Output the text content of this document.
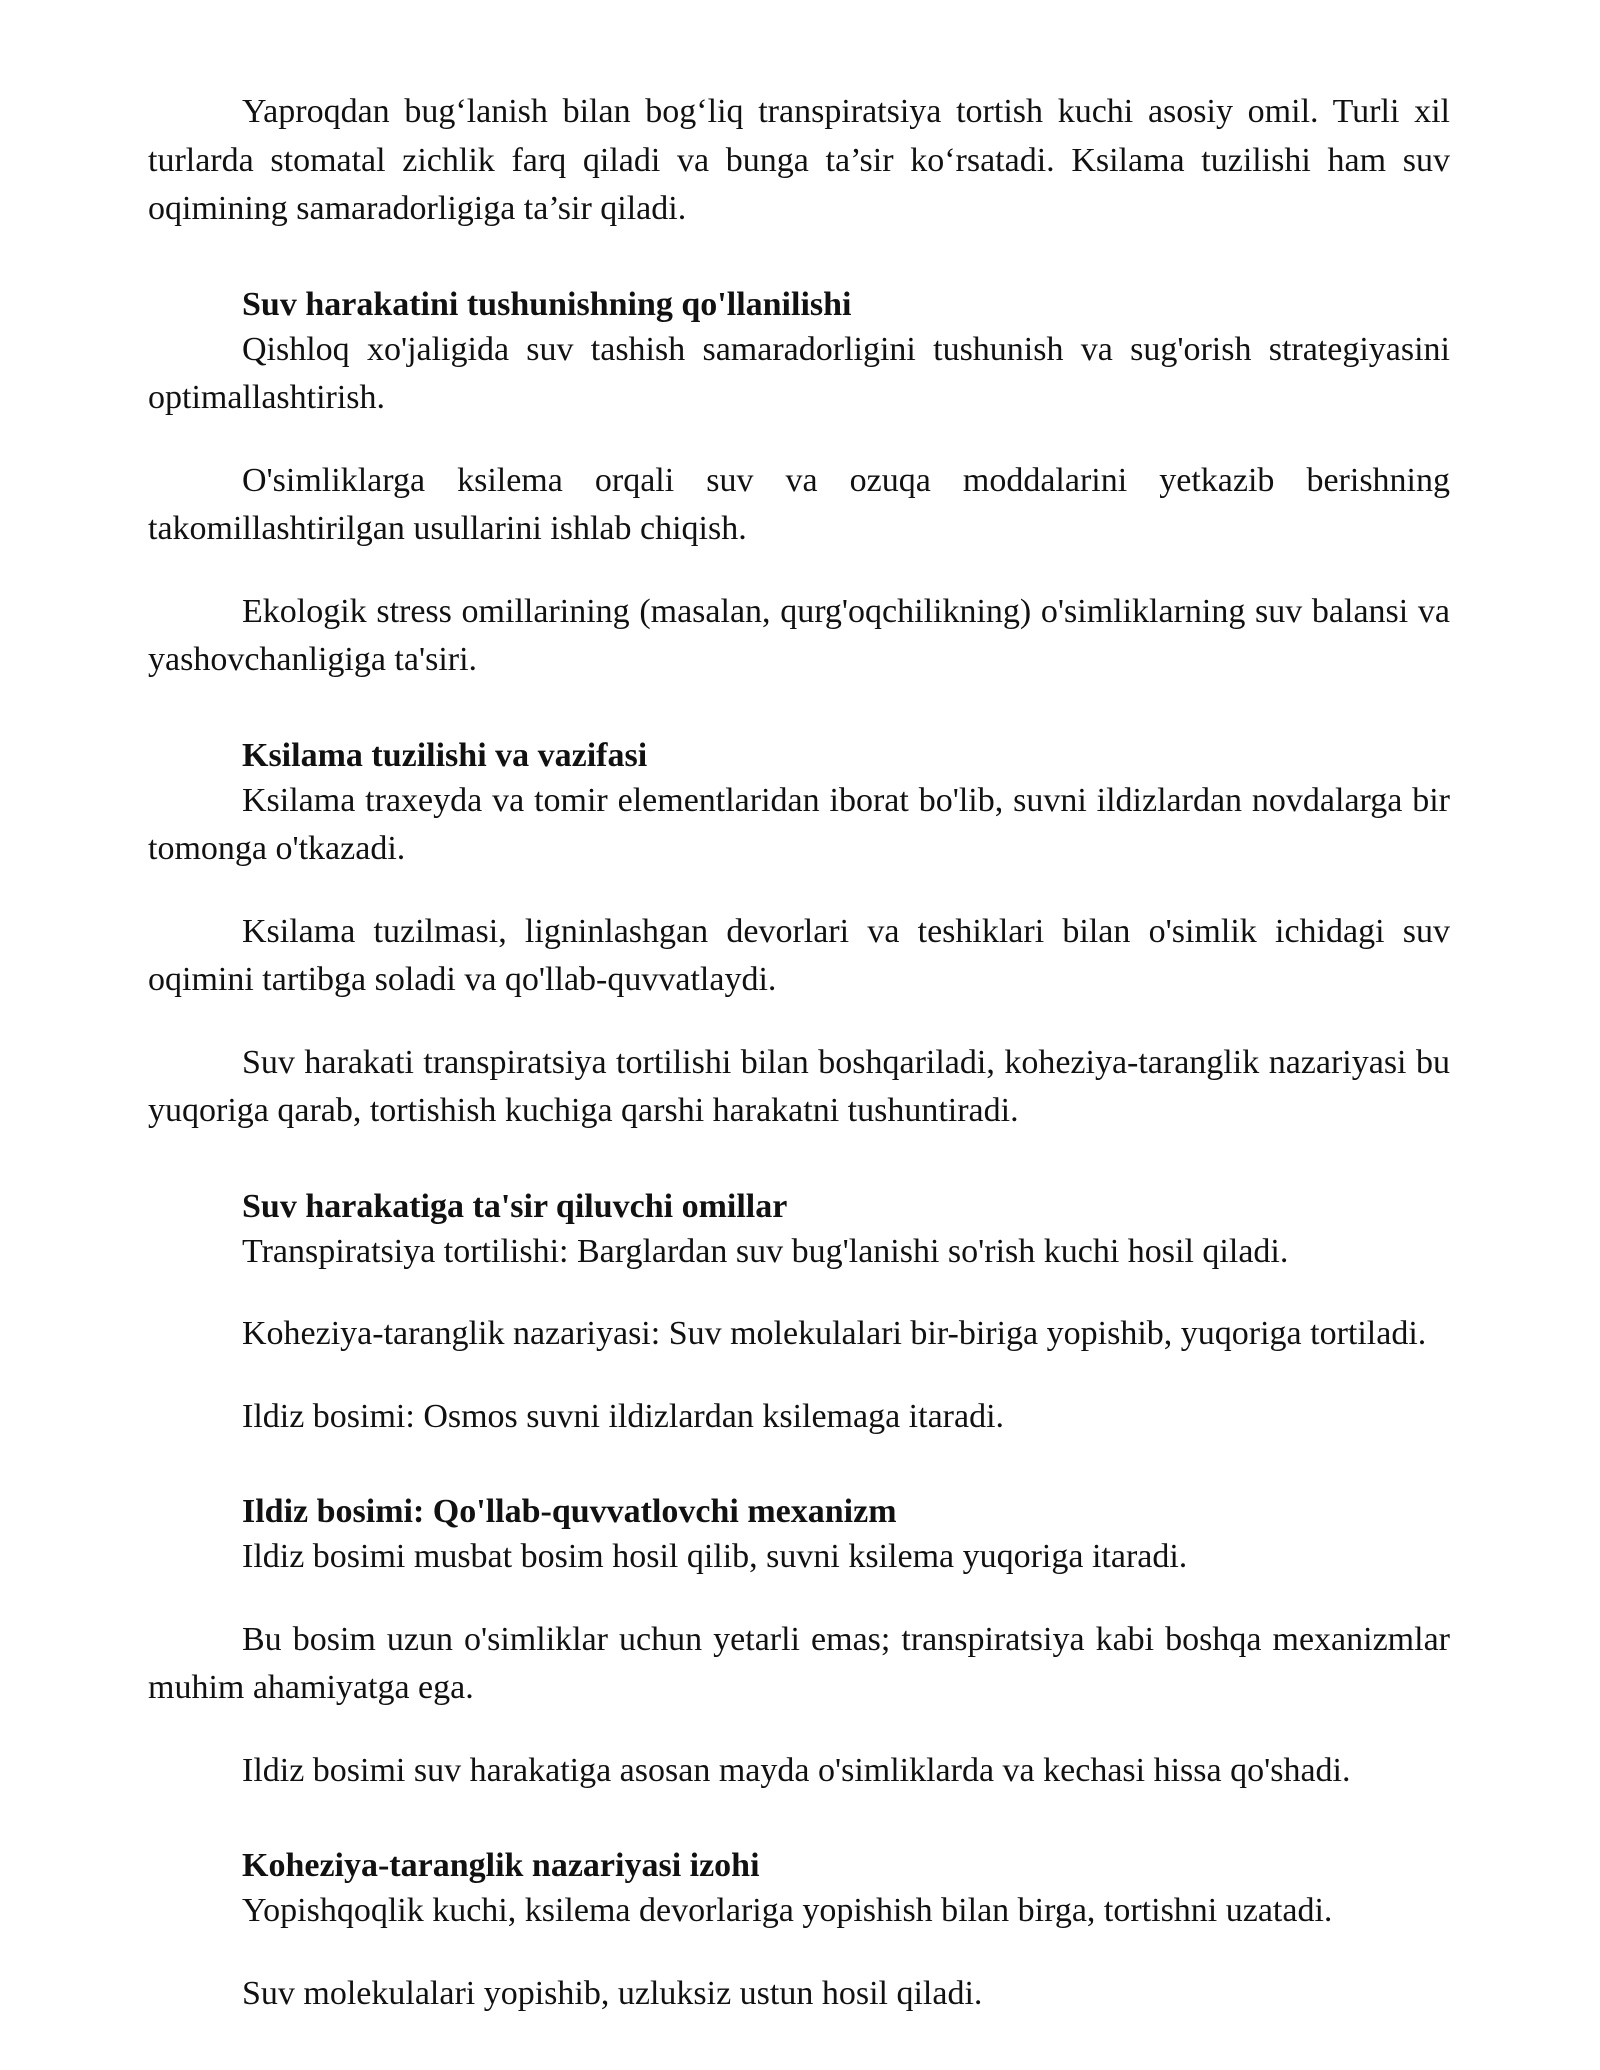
Yaproqdan bug‘lanish bilan bog‘liq transpiratsiya tortish kuchi asosiy omil. Turli xil turlarda stomatal zichlik farq qiladi va bunga ta’sir ko‘rsatadi. Ksilama tuzilishi ham suv oqimining samaradorligiga ta’sir qiladi.

Suv harakatini tushunishning qo'llanilishi

Qishloq xo'jaligida suv tashish samaradorligini tushunish va sug'orish strategiyasini optimallashtirish.

O'simliklarga ksilema orqali suv va ozuqa moddalarini yetkazib berishning takomillashtirilgan usullarini ishlab chiqish.

Ekologik stress omillarining (masalan, qurg'oqchilikning) o'simliklarning suv balansi va yashovchanligiga ta'siri.

Ksilama tuzilishi va vazifasi

Ksilama traxeyda va tomir elementlaridan iborat bo'lib, suvni ildizlardan novdalarga bir tomonga o'tkazadi.

Ksilama tuzilmasi, ligninlashgan devorlari va teshiklari bilan o'simlik ichidagi suv oqimini tartibga soladi va qo'llab-quvvatlaydi.

Suv harakati transpiratsiya tortilishi bilan boshqariladi, koheziya-taranglik nazariyasi bu yuqoriga qarab, tortishish kuchiga qarshi harakatni tushuntiradi.

Suv harakatiga ta'sir qiluvchi omillar

Transpiratsiya tortilishi: Barglardan suv bug'lanishi so'rish kuchi hosil qiladi.

Koheziya-taranglik nazariyasi: Suv molekulalari bir-biriga yopishib, yuqoriga tortiladi.

Ildiz bosimi: Osmos suvni ildizlardan ksilemaga itaradi.

Ildiz bosimi: Qo'llab-quvvatlovchi mexanizm

Ildiz bosimi musbat bosim hosil qilib, suvni ksilema yuqoriga itaradi.

Bu bosim uzun o'simliklar uchun yetarli emas; transpiratsiya kabi boshqa mexanizmlar muhim ahamiyatga ega.

Ildiz bosimi suv harakatiga asosan mayda o'simliklarda va kechasi hissa qo'shadi.

Koheziya-taranglik nazariyasi izohi

Yopishqoqlik kuchi, ksilema devorlariga yopishish bilan birga, tortishni uzatadi.

Suv molekulalari yopishib, uzluksiz ustun hosil qiladi.
